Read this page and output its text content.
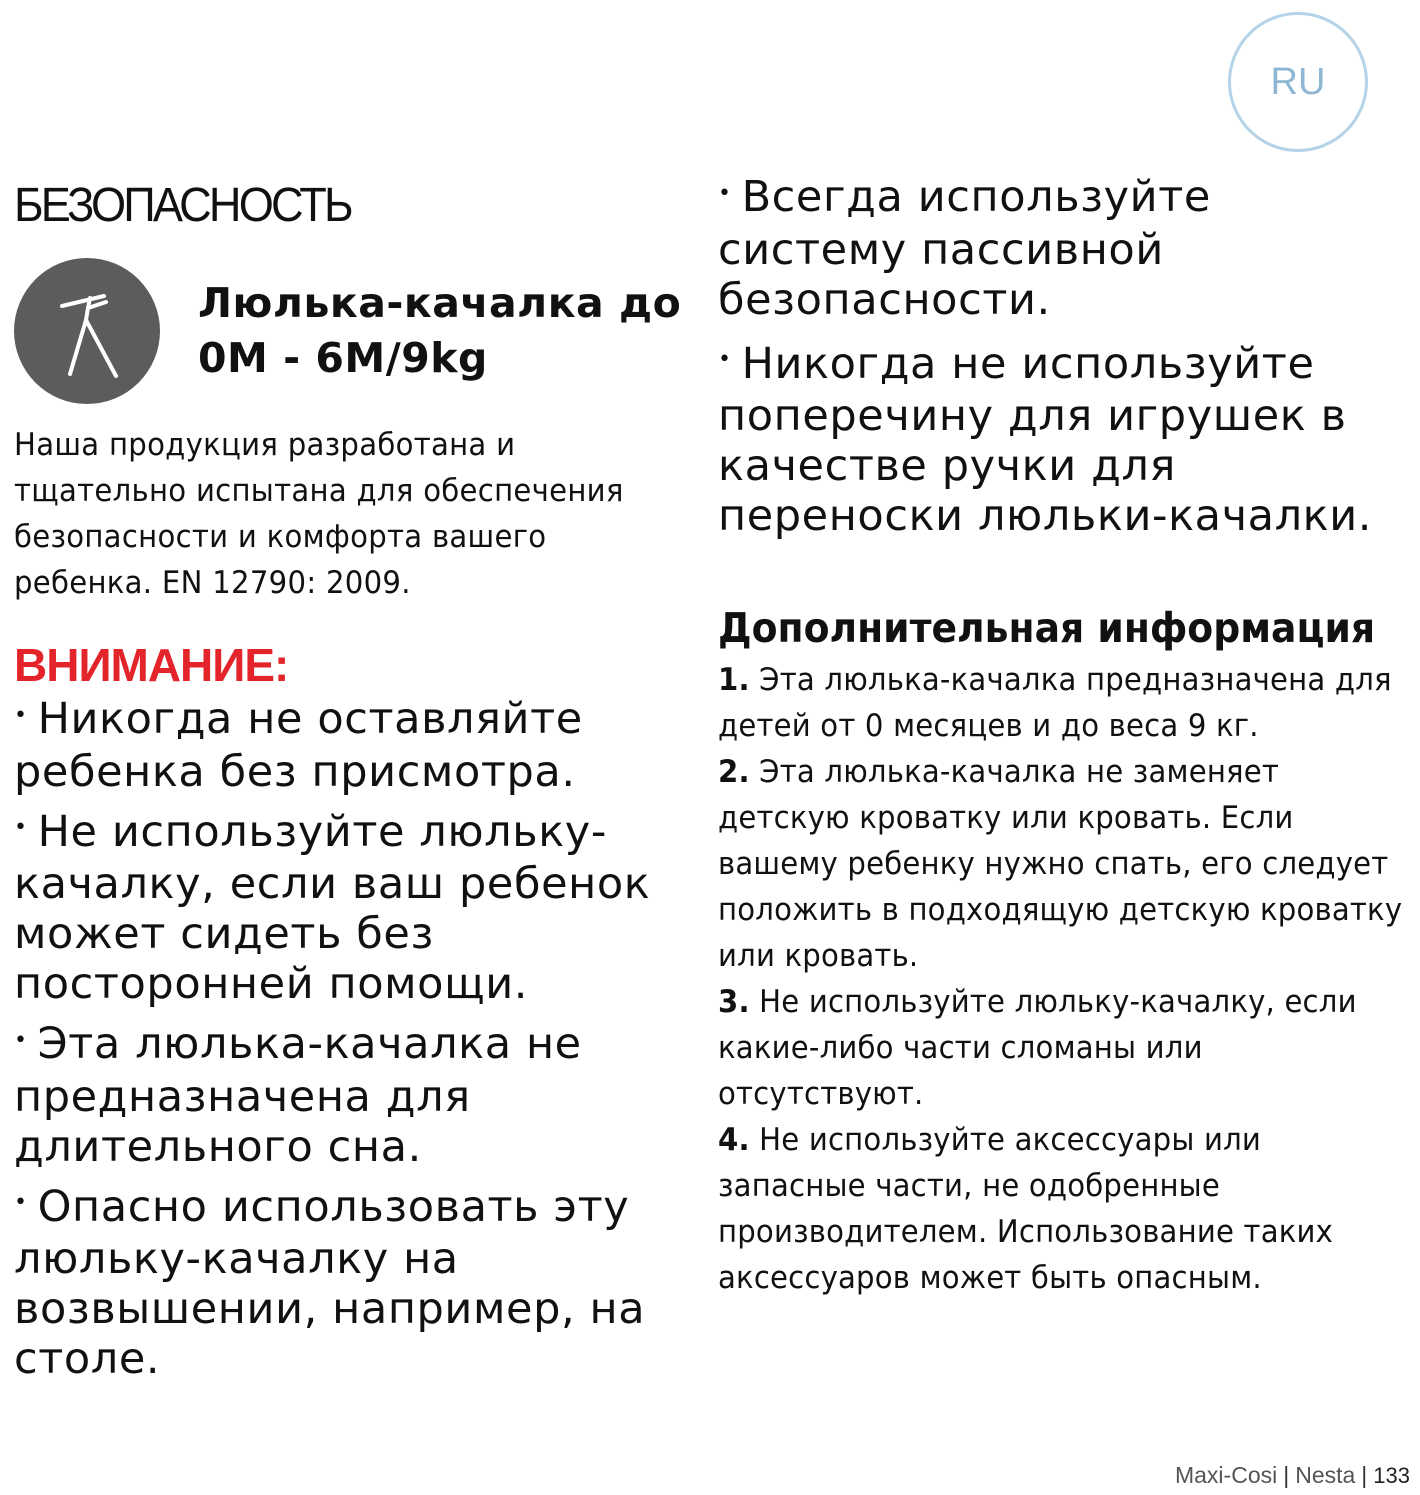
RU
БЕЗОПАСНОСТЬ
Люлька-качалка до
0M - 6M/9kg
Наша продукция разработана и тщательно испытана для обеспечения безопасности и комфорта вашего ребенка. EN 12790: 2009.
ВНИМАНИЕ:
• Никогда не оставляйте ребенка без присмотра.
• Не используйте люльку-качалку, если ваш ребенок может сидеть без посторонней помощи.
• Эта люлька-качалка не предназначена для длительного сна.
• Опасно использовать эту люльку-качалку на возвышении, например, на столе.
• Всегда используйте систему пассивной безопасности.
• Никогда не используйте поперечину для игрушек в качестве ручки для переноски люльки-качалки.
Дополнительная информация
1. Эта люлька-качалка предназначена для детей от 0 месяцев и до веса 9 кг.
2. Эта люлька-качалка не заменяет детскую кроватку или кровать. Если вашему ребенку нужно спать, его следует положить в подходящую детскую кроватку или кровать.
3. Не используйте люльку-качалку, если какие-либо части сломаны или отсутствуют.
4. Не используйте аксессуары или запасные части, не одобренные производителем. Использование таких аксессуаров может быть опасным.
Maxi-Cosi | Nesta | 133
